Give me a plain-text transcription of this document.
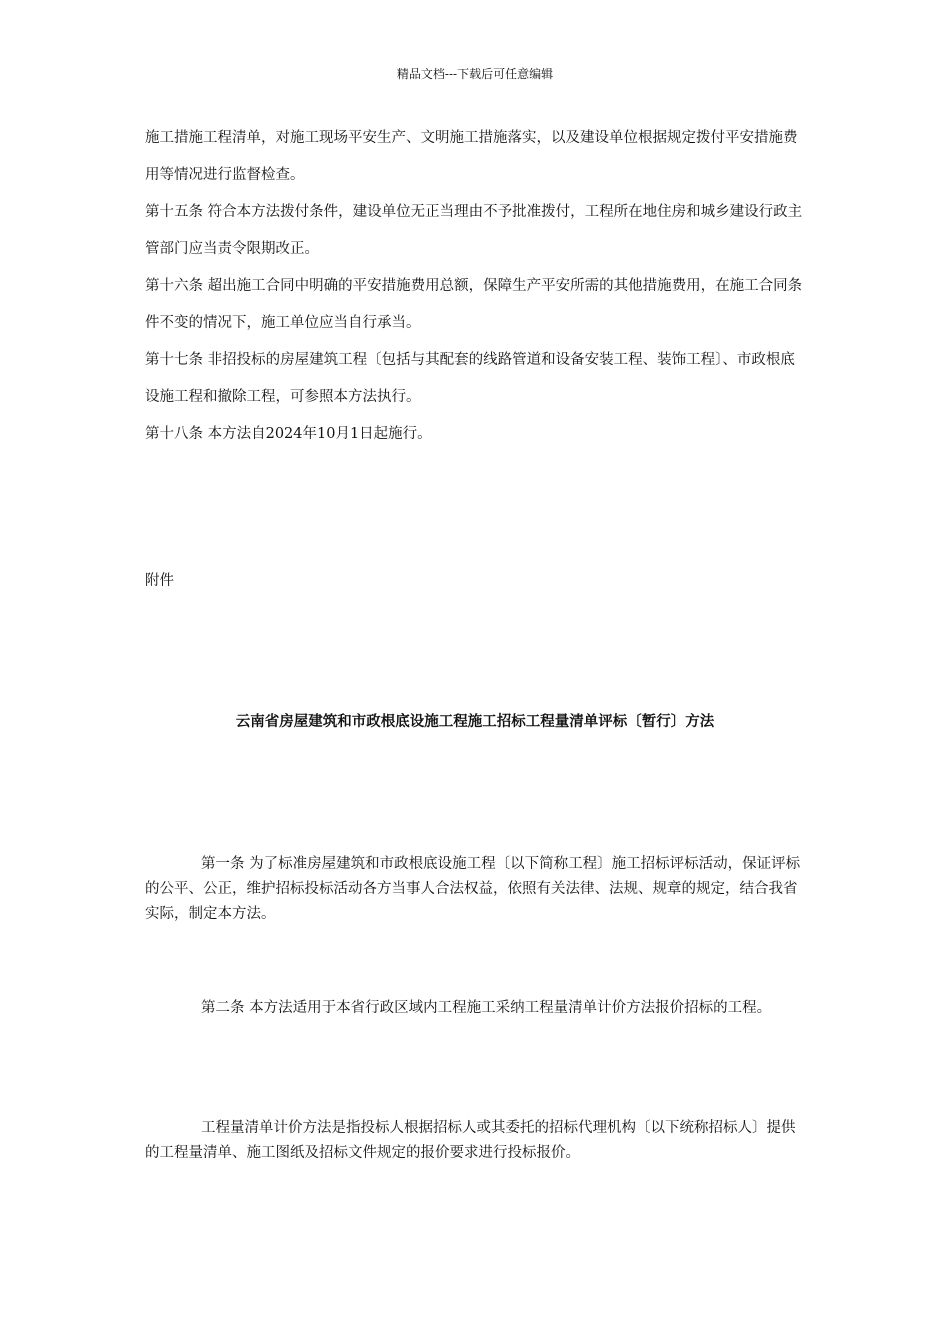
精品文档---下载后可任意编辑

施工措施工程清单，对施工现场平安生产、文明施工措施落实，以及建设单位根据规定拨付平安措施费用等情况进行监督检查。

第十五条 符合本方法拨付条件，建设单位无正当理由不予批准拨付，工程所在地住房和城乡建设行政主管部门应当责令限期改正。

第十六条 超出施工合同中明确的平安措施费用总额，保障生产平安所需的其他措施费用，在施工合同条件不变的情况下，施工单位应当自行承当。

第十七条 非招投标的房屋建筑工程〔包括与其配套的线路管道和设备安装工程、装饰工程〕、市政根底设施工程和撤除工程，可参照本方法执行。

第十八条 本方法自2024年10月1日起施行。

附件

云南省房屋建筑和市政根底设施工程施工招标工程量清单评标〔暂行〕方法

第一条 为了标准房屋建筑和市政根底设施工程〔以下简称工程〕施工招标评标活动，保证评标的公平、公正，维护招标投标活动各方当事人合法权益，依照有关法律、法规、规章的规定，结合我省实际，制定本方法。

第二条 本方法适用于本省行政区域内工程施工采纳工程量清单计价方法报价招标的工程。

工程量清单计价方法是指投标人根据招标人或其委托的招标代理机构〔以下统称招标人〕提供的工程量清单、施工图纸及招标文件规定的报价要求进行投标报价。
